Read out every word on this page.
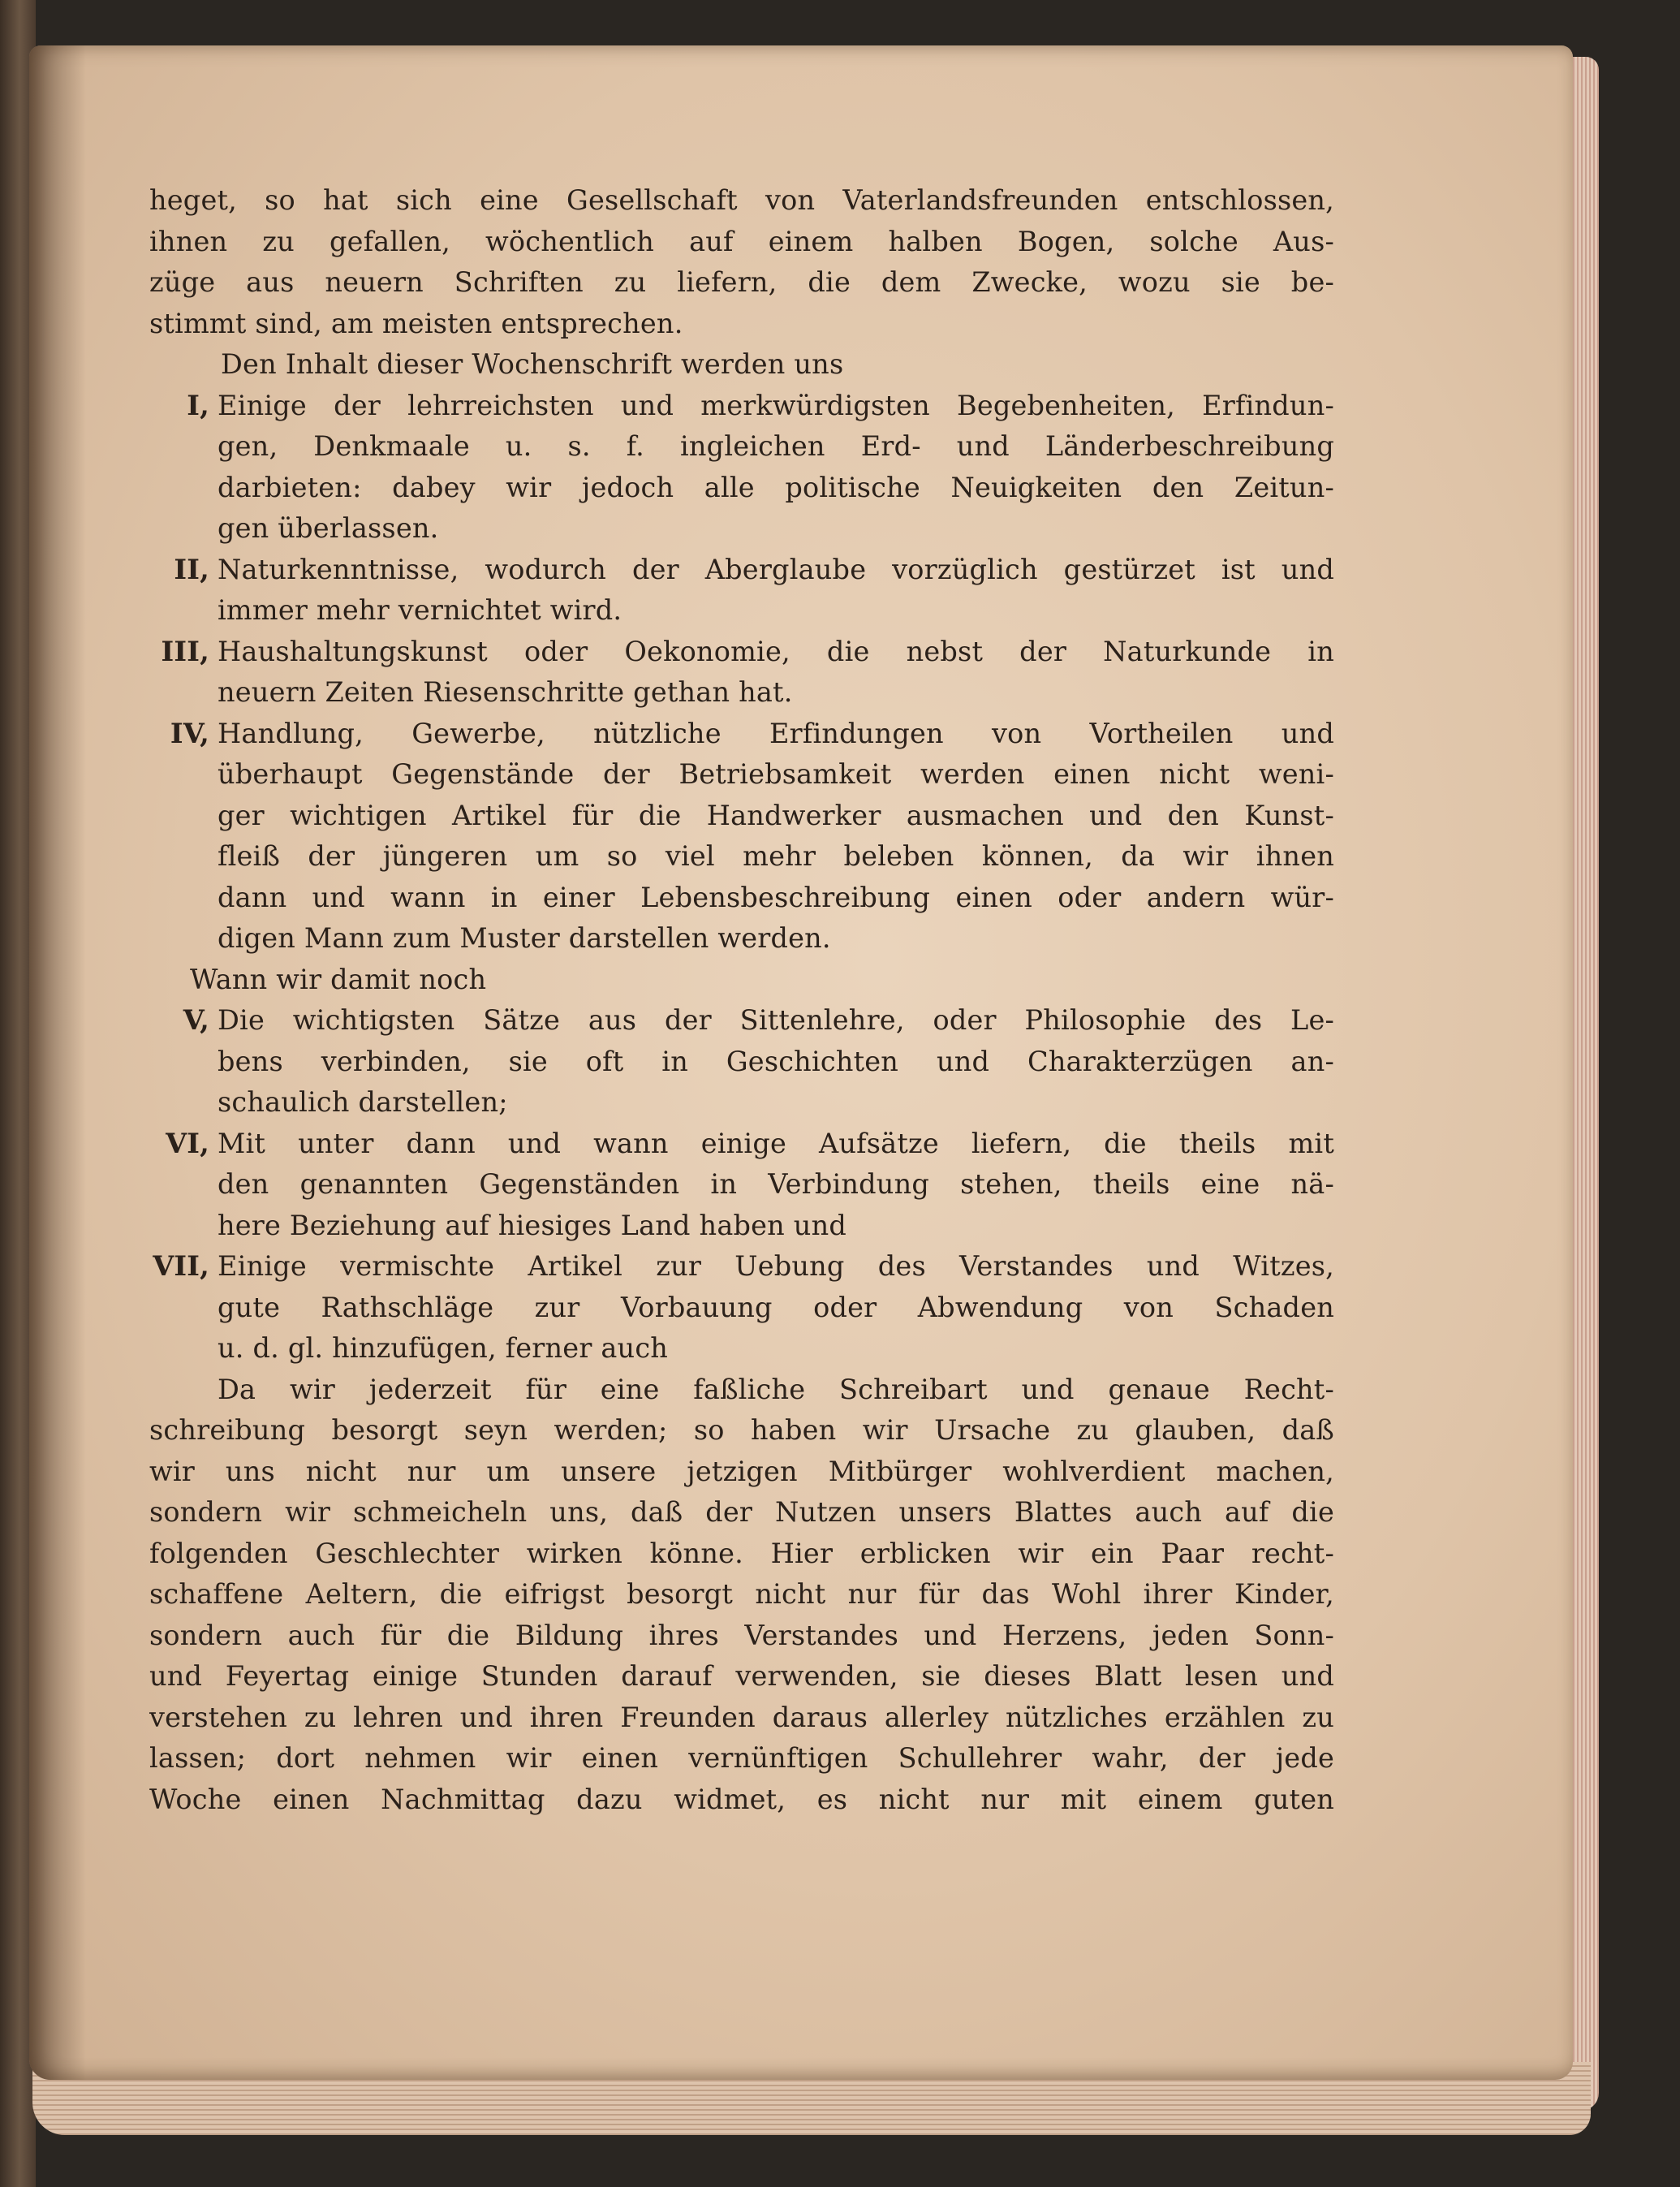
heget, so hat sich eine Gesellschaft von Vaterlandsfreunden entschlossen,
ihnen zu gefallen, wöchentlich auf einem halben Bogen, solche Aus-
züge aus neuern Schriften zu liefern, die dem Zwecke, wozu sie be-
stimmt sind, am meisten entsprechen.
Den Inhalt dieser Wochenschrift werden uns
I, Einige der lehrreichsten und merkwürdigsten Begebenheiten, Erfindun-
gen, Denkmaale u. s. f. ingleichen Erd- und Länderbeschreibung
darbieten: dabey wir jedoch alle politische Neuigkeiten den Zeitun-
gen überlassen.
II, Naturkenntnisse, wodurch der Aberglaube vorzüglich gestürzet ist und
immer mehr vernichtet wird.
III, Haushaltungskunst oder Oekonomie, die nebst der Naturkunde in
neuern Zeiten Riesenschritte gethan hat.
IV, Handlung, Gewerbe, nützliche Erfindungen von Vortheilen und
überhaupt Gegenstände der Betriebsamkeit werden einen nicht weni-
ger wichtigen Artikel für die Handwerker ausmachen und den Kunst-
fleiß der jüngeren um so viel mehr beleben können, da wir ihnen
dann und wann in einer Lebensbeschreibung einen oder andern wür-
digen Mann zum Muster darstellen werden.
Wann wir damit noch
V, Die wichtigsten Sätze aus der Sittenlehre, oder Philosophie des Le-
bens verbinden, sie oft in Geschichten und Charakterzügen an-
schaulich darstellen;
VI, Mit unter dann und wann einige Aufsätze liefern, die theils mit
den genannten Gegenständen in Verbindung stehen, theils eine nä-
here Beziehung auf hiesiges Land haben und
VII, Einige vermischte Artikel zur Uebung des Verstandes und Witzes,
gute Rathschläge zur Vorbauung oder Abwendung von Schaden
u. d. gl. hinzufügen, ferner auch
Da wir jederzeit für eine faßliche Schreibart und genaue Recht-
schreibung besorgt seyn werden; so haben wir Ursache zu glauben, daß
wir uns nicht nur um unsere jetzigen Mitbürger wohlverdient machen,
sondern wir schmeicheln uns, daß der Nutzen unsers Blattes auch auf die
folgenden Geschlechter wirken könne. Hier erblicken wir ein Paar recht-
schaffene Aeltern, die eifrigst besorgt nicht nur für das Wohl ihrer Kinder,
sondern auch für die Bildung ihres Verstandes und Herzens, jeden Sonn-
und Feyertag einige Stunden darauf verwenden, sie dieses Blatt lesen und
verstehen zu lehren und ihren Freunden daraus allerley nützliches erzählen zu
lassen; dort nehmen wir einen vernünftigen Schullehrer wahr, der jede
Woche einen Nachmittag dazu widmet, es nicht nur mit einem guten
